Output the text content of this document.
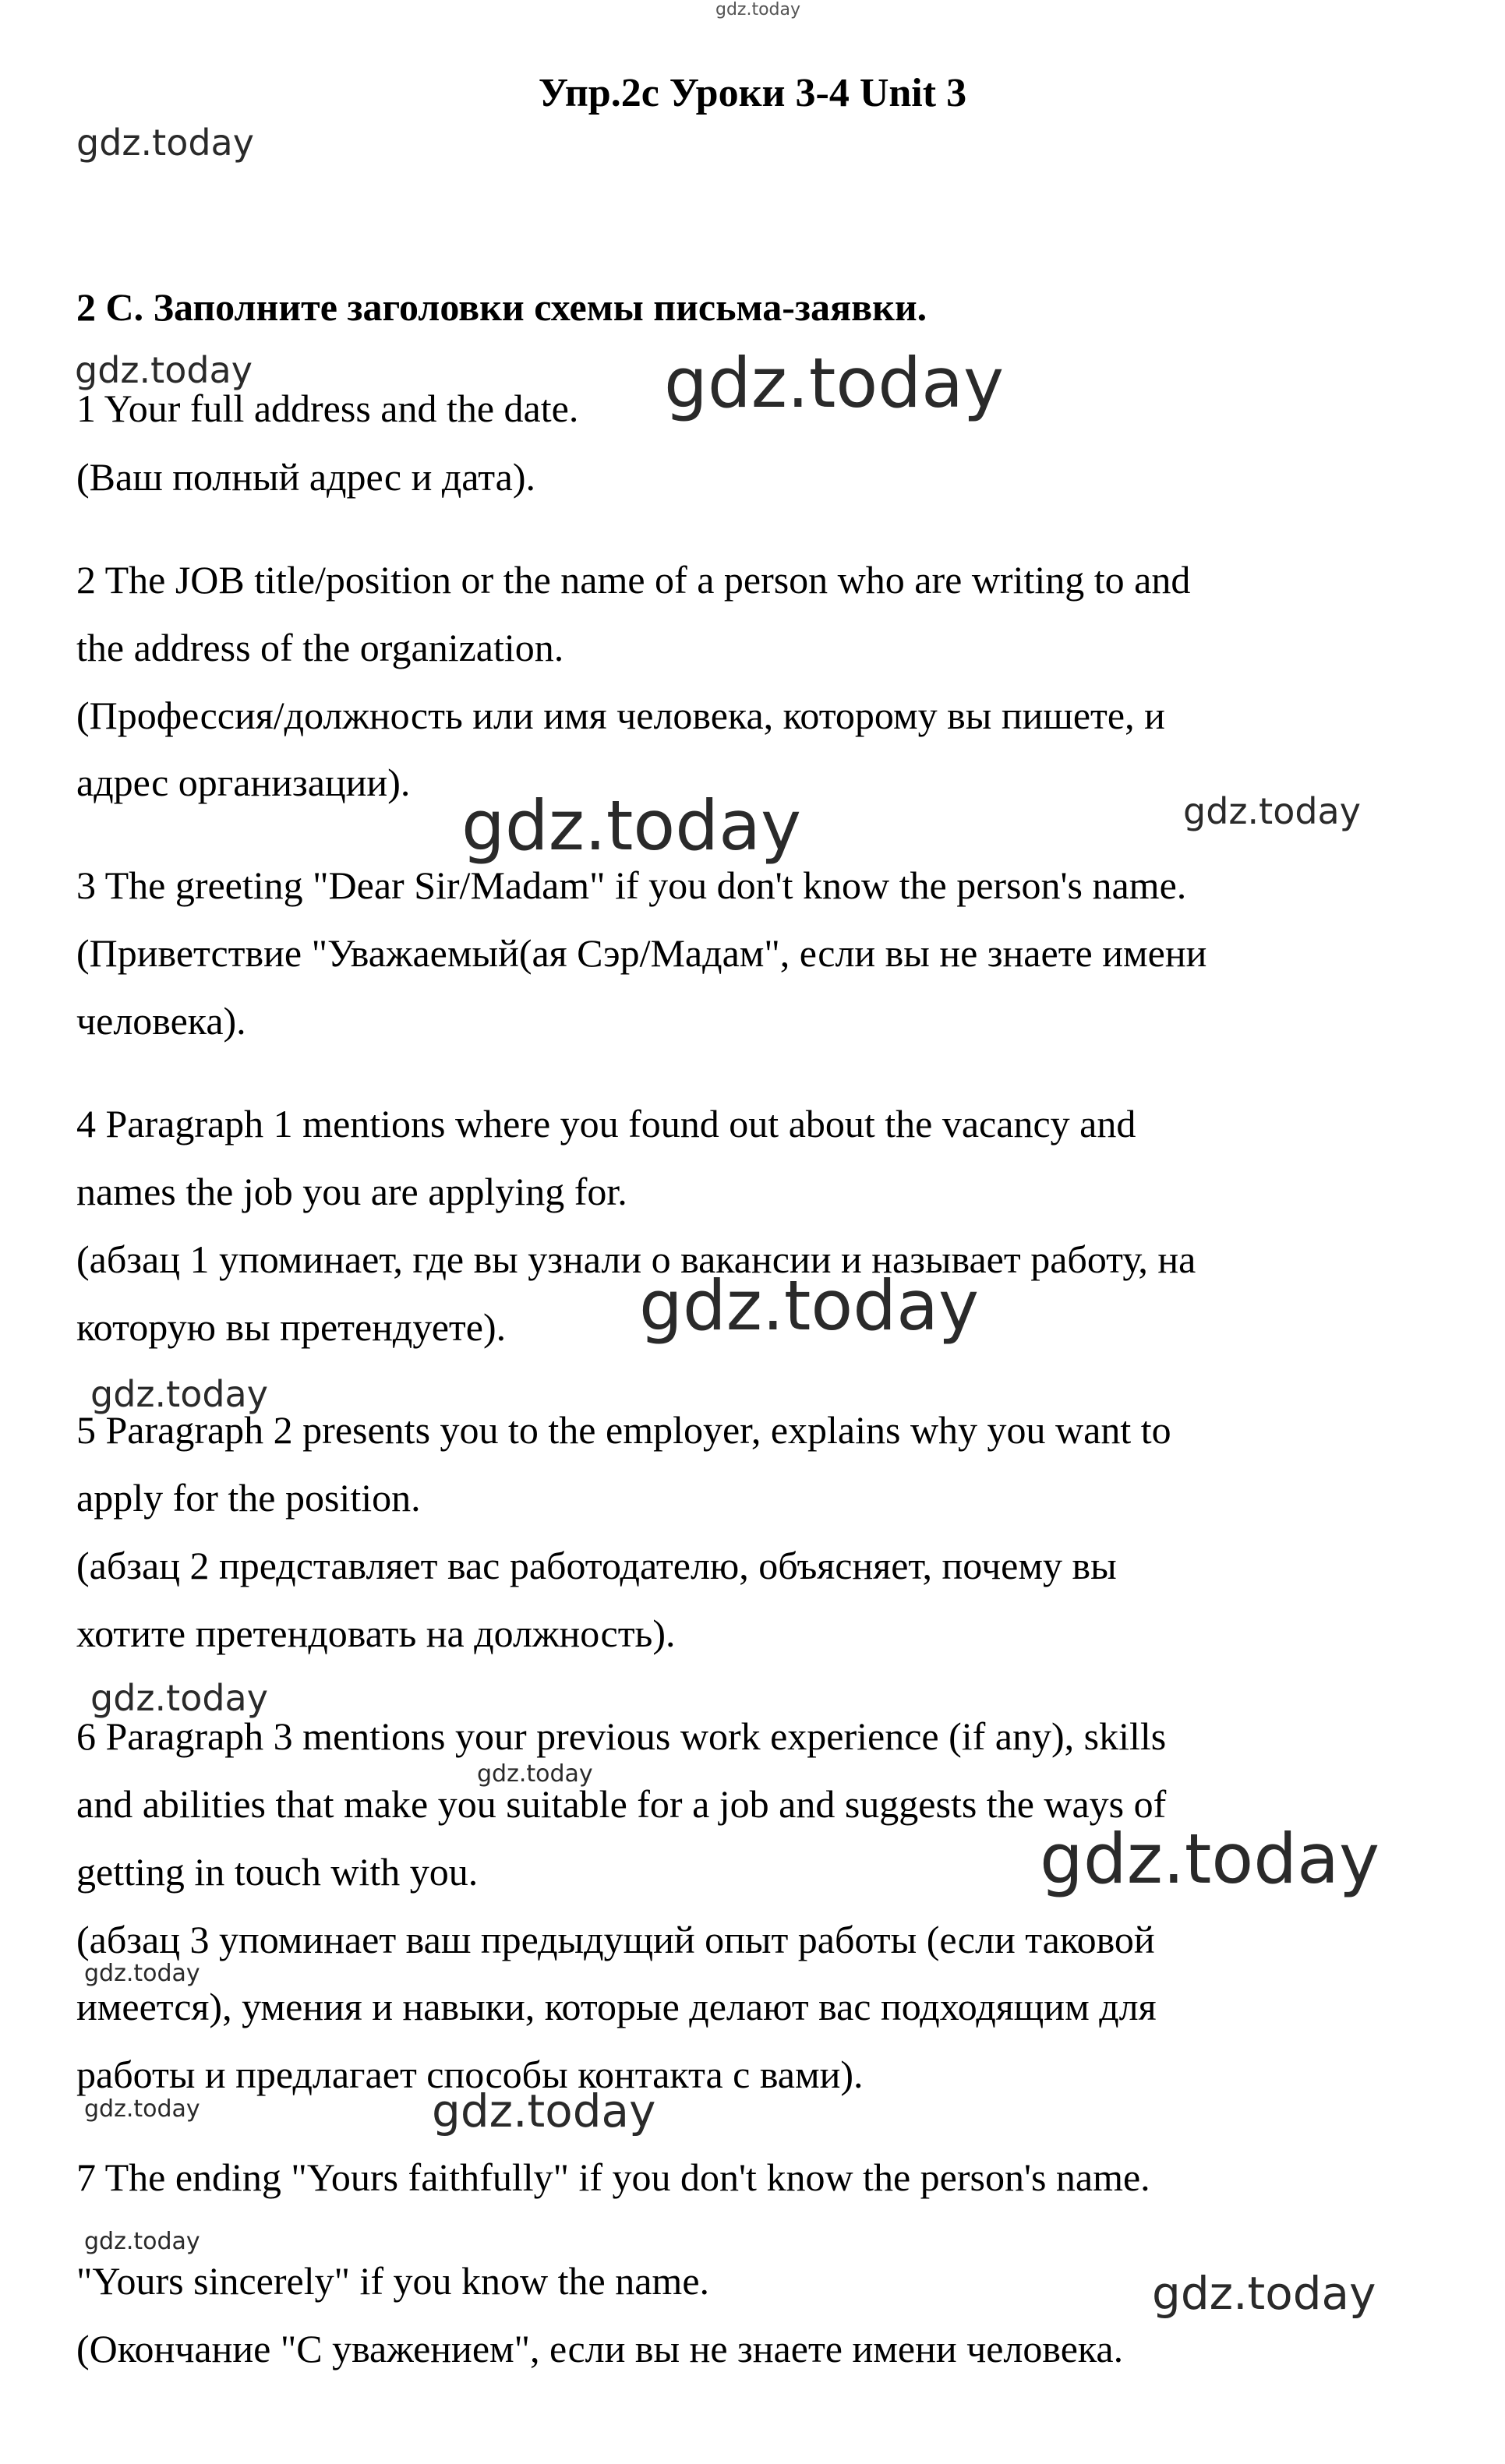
Упр.2с Уроки 3-4 Unit 3
2 С. Заполните заголовки схемы письма-заявки.
1 Your full address and the date.
(Ваш полный адрес и дата).
2 The JOB title/position or the name of a person who are writing to and
the address of the organization.
(Профессия/должность или имя человека, которому вы пишете, и
адрес организации).
3 The greeting "Dear Sir/Madam" if you don't know the person's name.
(Приветствие "Уважаемый(ая Сэр/Мадам", если вы не знаете имени
человека).
4 Paragraph 1 mentions where you found out about the vacancy and
names the job you are applying for.
(абзац 1 упоминает, где вы узнали о вакансии и называет работу, на
которую вы претендуете).
5 Paragraph 2 presents you to the employer, explains why you want to
apply for the position.
(абзац 2 представляет вас работодателю, объясняет, почему вы
хотите претендовать на должность).
6 Paragraph 3 mentions your previous work experience (if any), skills
and abilities that make you suitable for a job and suggests the ways of
getting in touch with you.
(абзац 3 упоминает ваш предыдущий опыт работы (если таковой
имеется), умения и навыки, которые делают вас подходящим для
работы и предлагает способы контакта с вами).
7 The ending "Yours faithfully" if you don't know the person's name.
"Yours sincerely" if you know the name.
(Окончание "С уважением", если вы не знаете имени человека.
gdz.today
gdz.today
gdz.today	gdz.today
gdz.today	gdz.today
gdz.today
gdz.today
gdz.today
gdz.today
gdz.today
gdz.today
gdz.today	gdz.today
gdz.today
gdz.today
